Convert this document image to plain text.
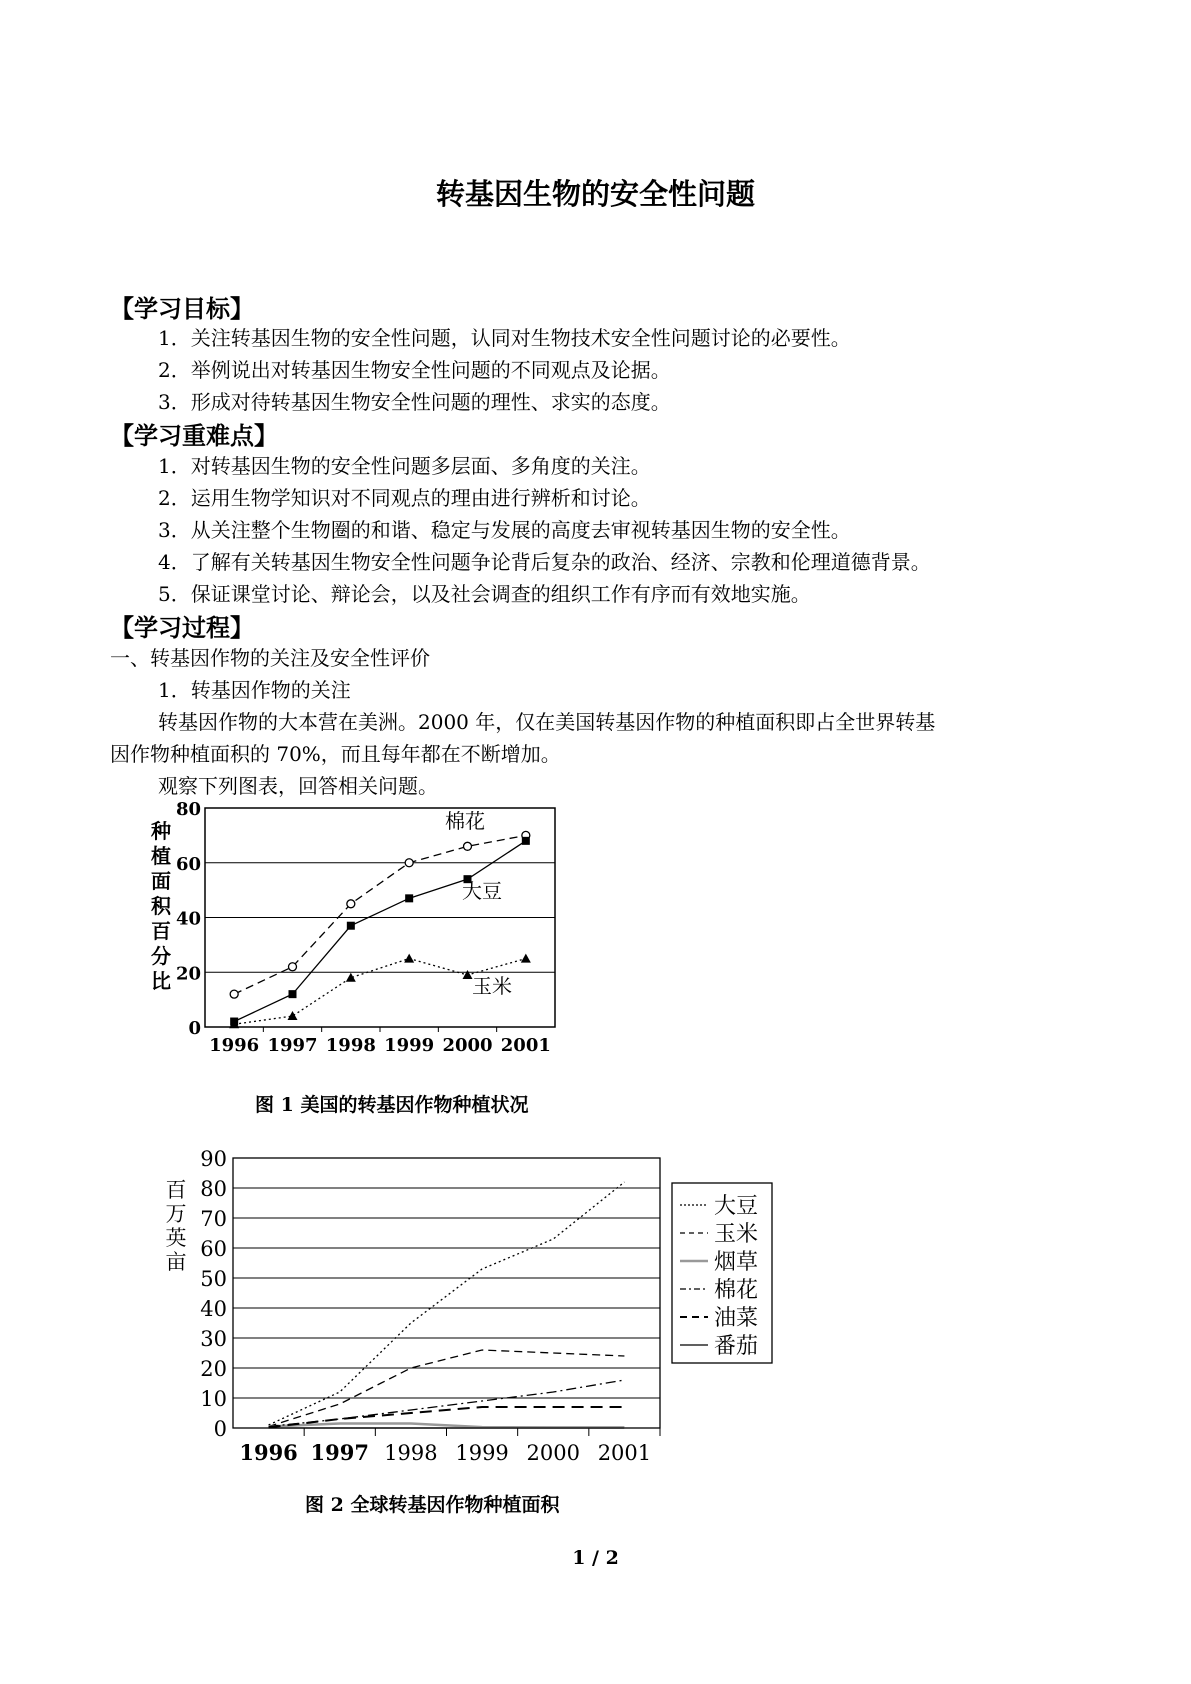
转基因生物的安全性问题
【学习目标】
1．关注转基因生物的安全性问题，认同对生物技术安全性问题讨论的必要性。
2．举例说出对转基因生物安全性问题的不同观点及论据。
3．形成对待转基因生物安全性问题的理性、求实的态度。
【学习重难点】
1．对转基因生物的安全性问题多层面、多角度的关注。
2．运用生物学知识对不同观点的理由进行辨析和讨论。
3．从关注整个生物圈的和谐、稳定与发展的高度去审视转基因生物的安全性。
4．了解有关转基因生物安全性问题争论背后复杂的政治、经济、宗教和伦理道德背景。
5．保证课堂讨论、辩论会，以及社会调查的组织工作有序而有效地实施。
【学习过程】
一、转基因作物的关注及安全性评价
1．转基因作物的关注
转基因作物的大本营在美洲。2000 年，仅在美国转基因作物的种植面积即占全世界转基
因作物种植面积的 70%，而且每年都在不断增加。
观察下列图表，回答相关问题。
0
20
40
60
80
1996 1997 1998 1999 2000 2001
种
植
面
积
百
分
比
棉花
大豆
玉米
图 1 美国的转基因作物种植状况
0
10
20
30
40
50
60
70
80
90
1996 1997 1998 1999 2000 2001
百
万
英
亩
大豆
玉米
烟草
棉花
油菜
番茄
图 2 全球转基因作物种植面积
1 / 2
